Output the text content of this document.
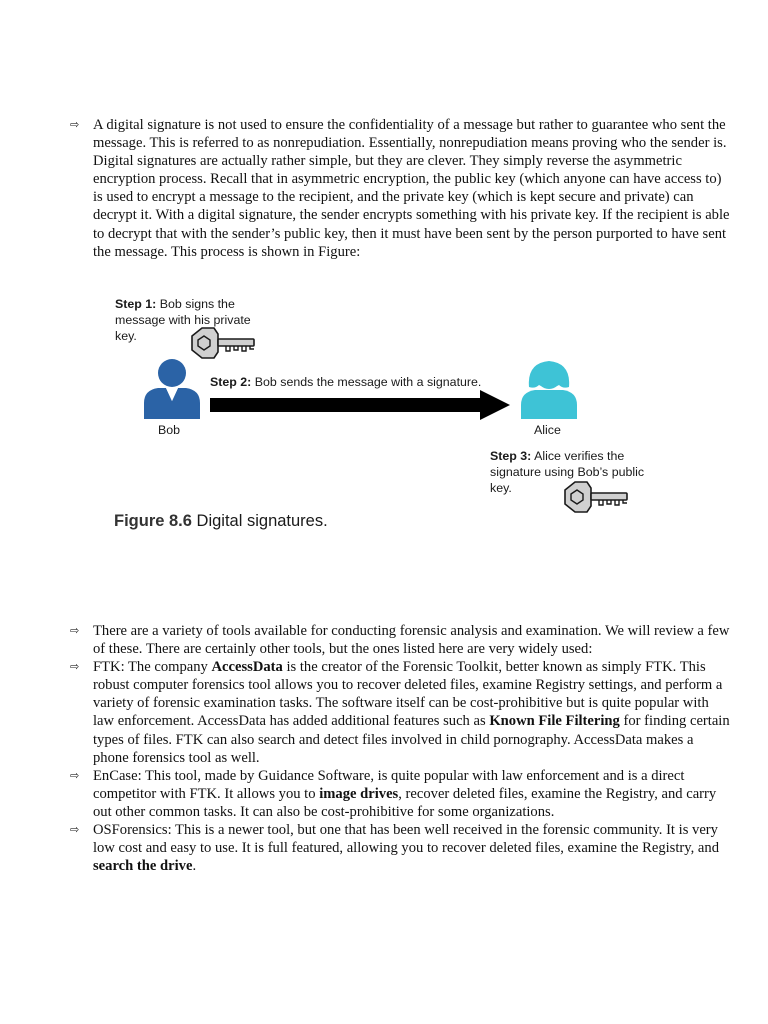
⇨ A digital signature is not used to ensure the confidentiality of a message but rather to guarantee who sent the message. This is referred to as nonrepudiation. Essentially, nonrepudiation means proving who the sender is. Digital signatures are actually rather simple, but they are clever. They simply reverse the asymmetric encryption process. Recall that in asymmetric encryption, the public key (which anyone can have access to) is used to encrypt a message to the recipient, and the private key (which is kept secure and private) can decrypt it. With a digital signature, the sender encrypts something with his private key. If the recipient is able to decrypt that with the sender’s public key, then it must have been sent by the person purported to have sent the message. This process is shown in Figure:
Step 1: Bob signs the message with his private key.
Bob
Step 2: Bob sends the message with a signature.
Alice
Step 3: Alice verifies the signature using Bob’s public key.
Figure 8.6 Digital signatures.
⇨ There are a variety of tools available for conducting forensic analysis and examination. We will review a few of these. There are certainly other tools, but the ones listed here are very widely used:
⇨ FTK: The company AccessData is the creator of the Forensic Toolkit, better known as simply FTK. This robust computer forensics tool allows you to recover deleted files, examine Registry settings, and perform a variety of forensic examination tasks. The software itself can be cost-prohibitive but is quite popular with law enforcement. AccessData has added additional features such as Known File Filtering for finding certain types of files. FTK can also search and detect files involved in child pornography. AccessData makes a phone forensics tool as well.
⇨ EnCase: This tool, made by Guidance Software, is quite popular with law enforcement and is a direct competitor with FTK. It allows you to image drives, recover deleted files, examine the Registry, and carry out other common tasks. It can also be cost-prohibitive for some organizations.
⇨ OSForensics: This is a newer tool, but one that has been well received in the forensic community. It is very low cost and easy to use. It is full featured, allowing you to recover deleted files, examine the Registry, and search the drive.
